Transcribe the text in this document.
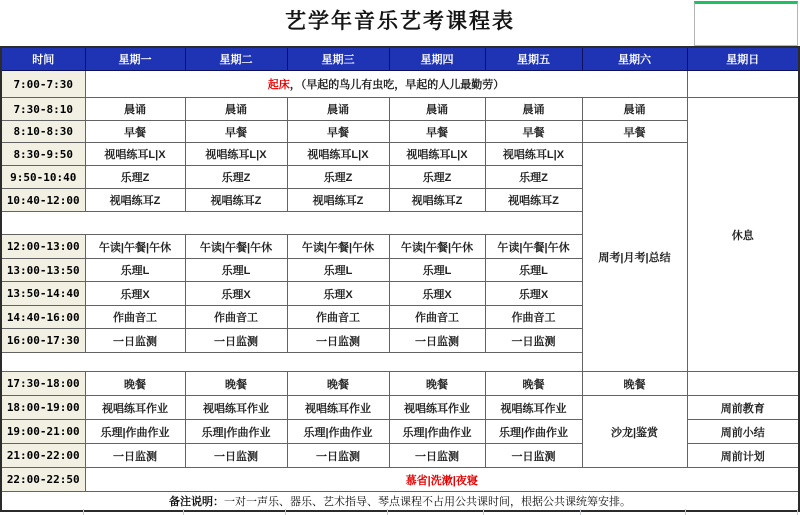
艺学年音乐艺考课程表
时间	星期一	星期二	星期三	星期四	星期五	星期六	星期日
7:00-7:30	起床，（早起的鸟儿有虫吃，早起的人儿最勤劳）						
7:30-8:10	晨诵	晨诵	晨诵	晨诵	晨诵	晨诵	休息
8:10-8:30	早餐	早餐	早餐	早餐	早餐	早餐	
8:30-9:50	视唱练耳L|X	视唱练耳L|X	视唱练耳L|X	视唱练耳L|X	视唱练耳L|X	周考|月考|总结	
9:50-10:40	乐理Z	乐理Z	乐理Z	乐理Z	乐理Z		
10:40-12:00	视唱练耳Z	视唱练耳Z	视唱练耳Z	视唱练耳Z	视唱练耳Z		

12:00-13:00	午读|午餐|午休	午读|午餐|午休	午读|午餐|午休	午读|午餐|午休	午读|午餐|午休		
13:00-13:50	乐理L	乐理L	乐理L	乐理L	乐理L		
13:50-14:40	乐理X	乐理X	乐理X	乐理X	乐理X		
14:40-16:00	作曲音工	作曲音工	作曲音工	作曲音工	作曲音工		
16:00-17:30	一日监测	一日监测	一日监测	一日监测	一日监测		

17:30-18:00	晚餐	晚餐	晚餐	晚餐	晚餐	晚餐	
18:00-19:00	视唱练耳作业	视唱练耳作业	视唱练耳作业	视唱练耳作业	视唱练耳作业	沙龙|鉴赏	周前教育
19:00-21:00	乐理|作曲作业	乐理|作曲作业	乐理|作曲作业	乐理|作曲作业	乐理|作曲作业		周前小结
21:00-22:00	一日监测	一日监测	一日监测	一日监测	一日监测		周前计划
22:00-22:50	慕省|洗漱|夜寝						
备注说明：一对一声乐、器乐、艺术指导、琴点课程不占用公共课时间，根据公共课统筹安排。							
